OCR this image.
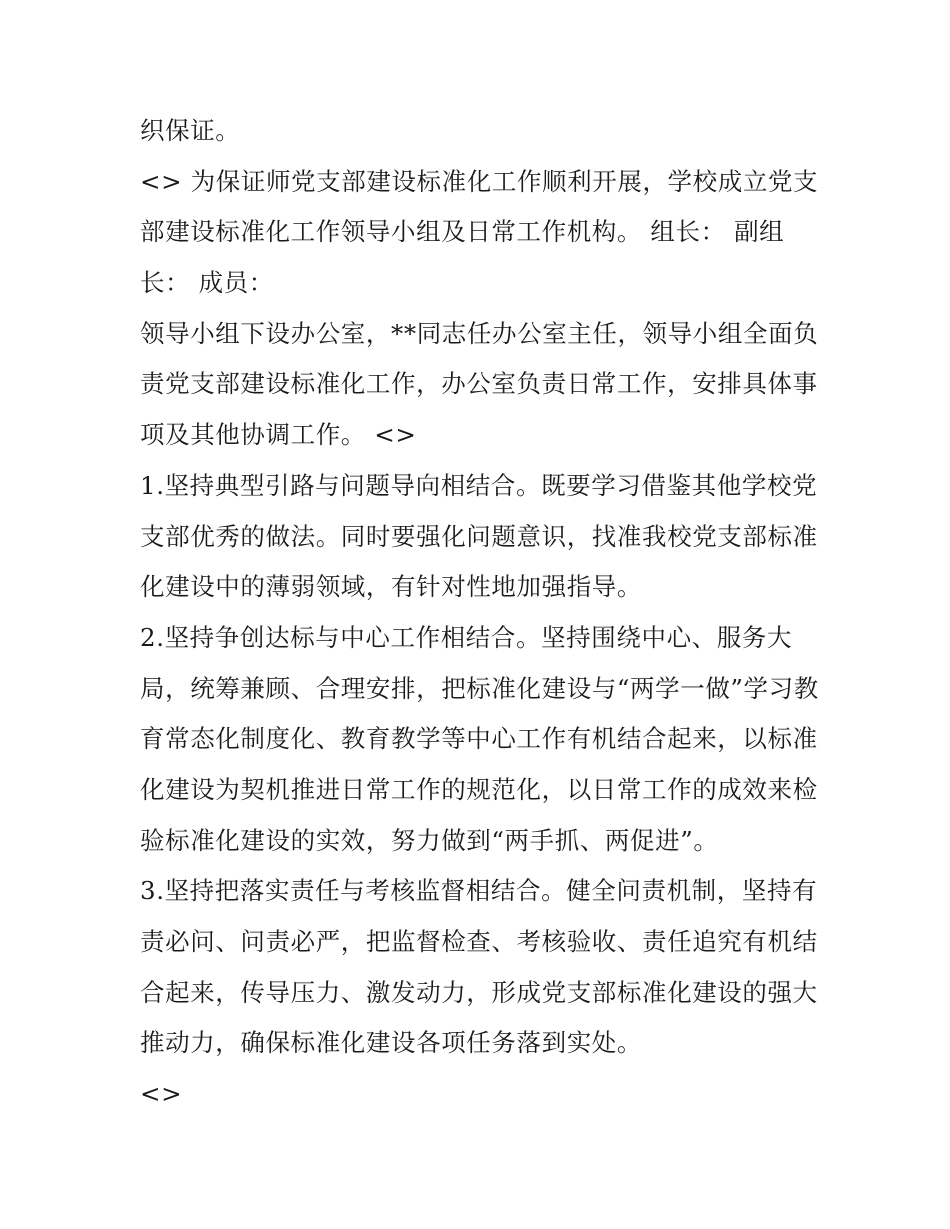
织保证。

<> 为保证师党支部建设标准化工作顺利开展，学校成立党支

部建设标准化工作领导小组及日常工作机构。 组长： 副组

长： 成员：

领导小组下设办公室，**同志任办公室主任，领导小组全面负

责党支部建设标准化工作，办公室负责日常工作，安排具体事

项及其他协调工作。 <>

1.坚持典型引路与问题导向相结合。既要学习借鉴其他学校党

支部优秀的做法。同时要强化问题意识，找准我校党支部标准

化建设中的薄弱领域，有针对性地加强指导。

2.坚持争创达标与中心工作相结合。坚持围绕中心、服务大

局，统筹兼顾、合理安排，把标准化建设与“两学一做”学习教

育常态化制度化、教育教学等中心工作有机结合起来，以标准

化建设为契机推进日常工作的规范化，以日常工作的成效来检

验标准化建设的实效，努力做到“两手抓、两促进”。

3.坚持把落实责任与考核监督相结合。健全问责机制，坚持有

责必问、问责必严，把监督检查、考核验收、责任追究有机结

合起来，传导压力、激发动力，形成党支部标准化建设的强大

推动力，确保标准化建设各项任务落到实处。

<>
